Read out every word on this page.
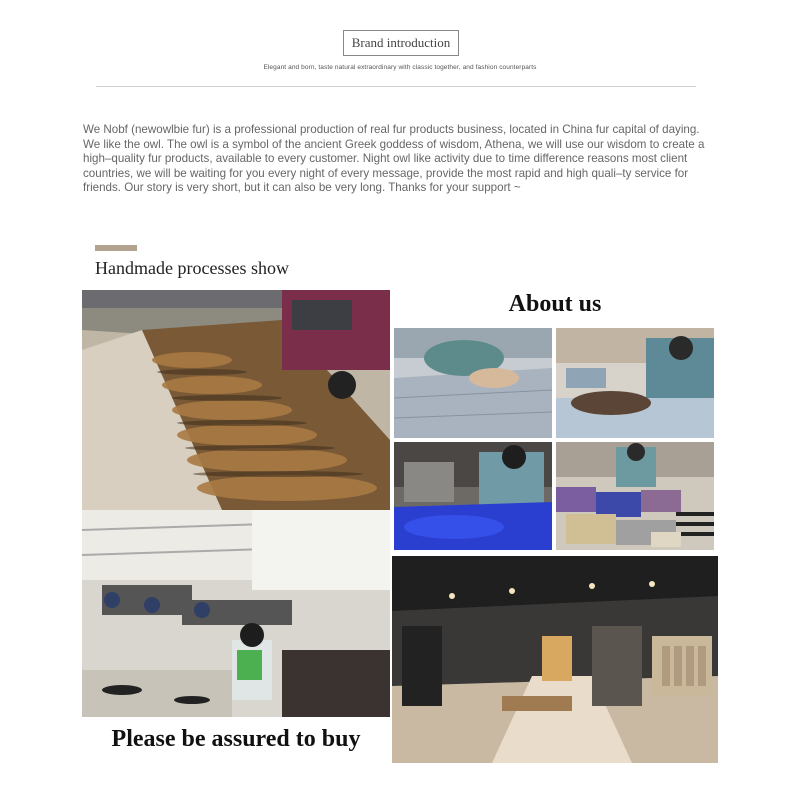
Brand introduction
Elegant and born, taste natural extraordinary with classic together, and fashion counterparts

We Nobf (newowlbie fur) is a professional production of real fur products business, located in China fur capital of daying.

We like the owl. The owl is a symbol of the ancient Greek goddess of wisdom, Athena, we will use our wisdom to create a high–quality fur products, available to every customer. Night owl like activity due to time difference reasons most client countries, we will be waiting for you every night of every message, provide the most rapid and high quali–ty service for friends. Our story is very short, but it can also be very long. Thanks for your support ~

Handmade processes show
Please be assured to buy
About us
